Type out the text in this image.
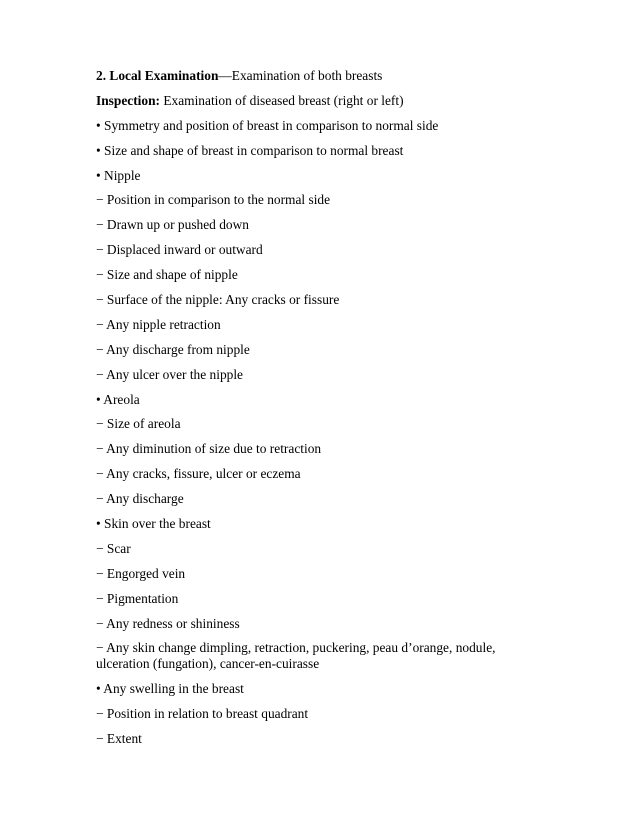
2. Local Examination—Examination of both breasts

Inspection: Examination of diseased breast (right or left)

• Symmetry and position of breast in comparison to normal side

• Size and shape of breast in comparison to normal breast

• Nipple

− Position in comparison to the normal side

− Drawn up or pushed down

− Displaced inward or outward

− Size and shape of nipple

− Surface of the nipple: Any cracks or fissure

− Any nipple retraction

− Any discharge from nipple

− Any ulcer over the nipple

• Areola

− Size of areola

− Any diminution of size due to retraction

− Any cracks, fissure, ulcer or eczema

− Any discharge

• Skin over the breast

− Scar

− Engorged vein

− Pigmentation

− Any redness or shininess

− Any skin change dimpling, retraction, puckering, peau d’orange, nodule, ulceration (fungation), cancer-en-cuirasse

• Any swelling in the breast

− Position in relation to breast quadrant

− Extent
